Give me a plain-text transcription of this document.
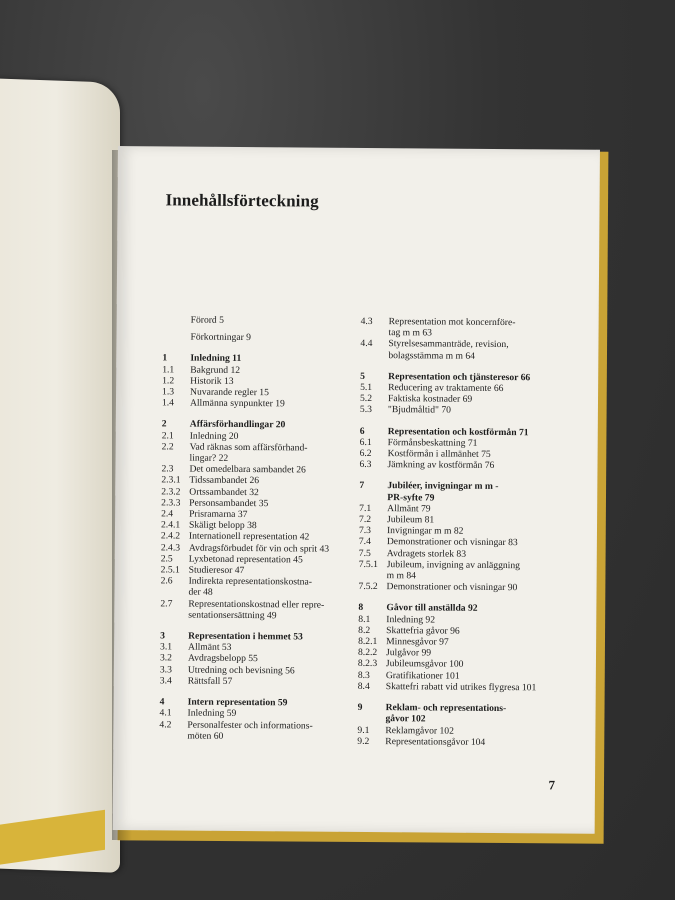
Innehållsförteckning
Förord 5
Förkortningar 9
1	Inledning 11
1.1	Bakgrund 12
1.2	Historik 13
1.3	Nuvarande regler 15
1.4	Allmänna synpunkter 19
2	Affärsförhandlingar 20
2.1	Inledning 20
2.2	Vad räknas som affärsförhand-
lingar? 22
2.3	Det omedelbara sambandet 26
2.3.1 Tidssambandet 26
2.3.2 Ortssambandet 32
2.3.3 Personsambandet 35
2.4	Prisramarna 37
2.4.1 Skäligt belopp 38
2.4.2 Internationell representation 42
2.4.3 Avdragsförbudet för vin och sprit 43
2.5	Lyxbetonad representation 45
2.5.1 Studieresor 47
2.6	Indirekta representationskostna-
der 48
2.7	Representationskostnad eller repre-
sentationsersättning 49
3	Representation i hemmet 53
3.1	Allmänt 53
3.2	Avdragsbelopp 55
3.3	Utredning och bevisning 56
3.4	Rättsfall 57
4	Intern representation 59
4.1	Inledning 59
4.2	Personalfester och informations-
möten 60
4.3	Representation mot koncernföre-
tag m m 63
4.4	Styrelsesammanträde, revision,
bolagsstämma m m 64
5	Representation och tjänsteresor 66
5.1	Reducering av traktamente 66
5.2	Faktiska kostnader 69
5.3	"Bjudmåltid" 70
6	Representation och kostförmån 71
6.1	Förmånsbeskattning 71
6.2	Kostförmån i allmänhet 75
6.3	Jämkning av kostförmån 76
7	Jubiléer, invigningar m m -
PR-syfte 79
7.1	Allmänt 79
7.2	Jubileum 81
7.3	Invigningar m m 82
7.4	Demonstrationer och visningar 83
7.5	Avdragets storlek 83
7.5.1 Jubileum, invigning av anläggning
m m 84
7.5.2 Demonstrationer och visningar 90
8	Gåvor till anställda 92
8.1	Inledning 92
8.2	Skattefria gåvor 96
8.2.1 Minnesgåvor 97
8.2.2 Julgåvor 99
8.2.3 Jubileumsgåvor 100
8.3	Gratifikationer 101
8.4	Skattefri rabatt vid utrikes flygresa 101
9	Reklam- och representations-
gåvor 102
9.1	Reklamgåvor 102
9.2	Representationsgåvor 104
7
